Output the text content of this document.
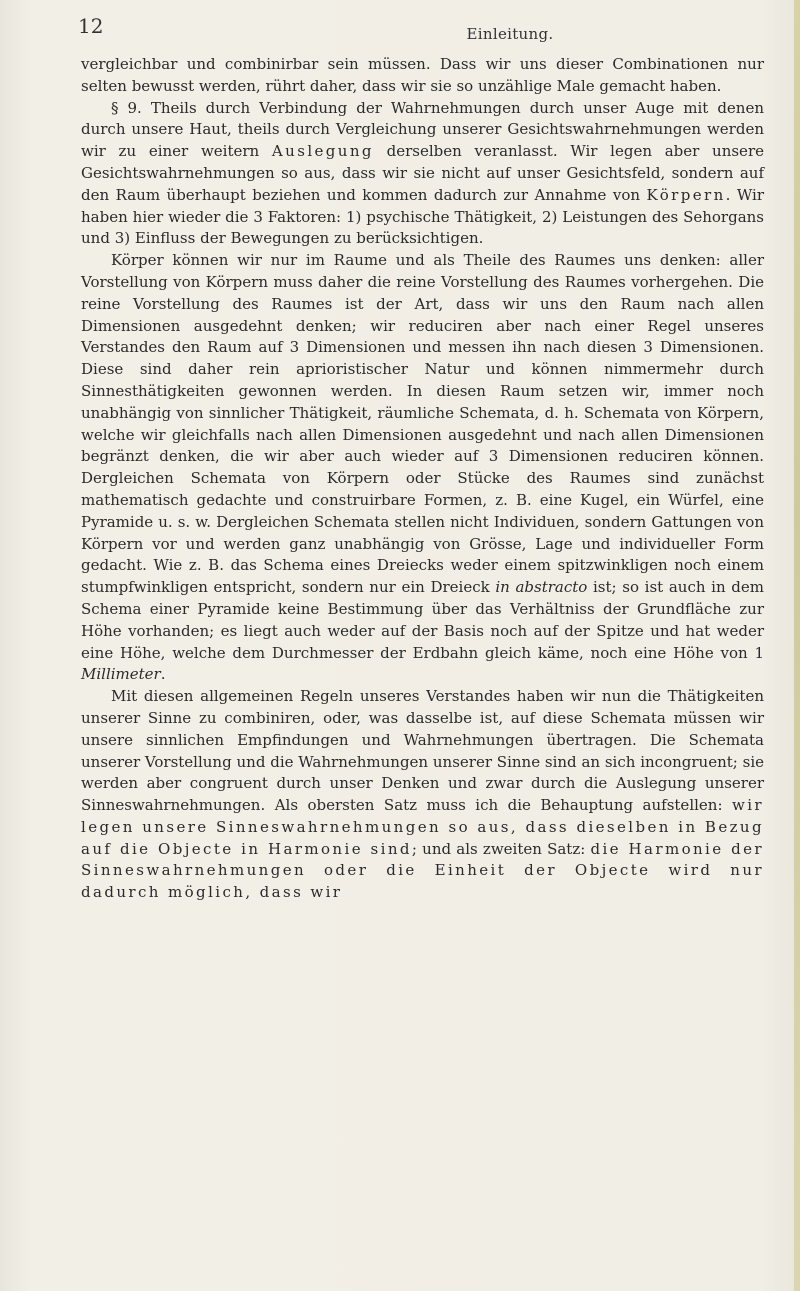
12	Einleitung.

vergleichbar und combinirbar sein müssen. Dass wir uns dieser Combinationen nur selten bewusst werden, rührt daher, dass wir sie so unzählige Male gemacht haben.

§ 9. Theils durch Verbindung der Wahrnehmungen durch unser Auge mit denen durch unsere Haut, theils durch Vergleichung unserer Gesichtswahrnehmungen werden wir zu einer weitern Auslegung derselben veranlasst. Wir legen aber unsere Gesichtswahrnehmungen so aus, dass wir sie nicht auf unser Gesichtsfeld, sondern auf den Raum überhaupt beziehen und kommen dadurch zur Annahme von Körpern. Wir haben hier wieder die 3 Faktoren: 1) psychische Thätigkeit, 2) Leistungen des Sehorgans und 3) Einfluss der Bewegungen zu berücksichtigen.

Körper können wir nur im Raume und als Theile des Raumes uns denken: aller Vorstellung von Körpern muss daher die reine Vorstellung des Raumes vorhergehen. Die reine Vorstellung des Raumes ist der Art, dass wir uns den Raum nach allen Dimensionen ausgedehnt denken; wir reduciren aber nach einer Regel unseres Verstandes den Raum auf 3 Dimensionen und messen ihn nach diesen 3 Dimensionen. Diese sind daher rein aprioristischer Natur und können nimmermehr durch Sinnesthätigkeiten gewonnen werden. In diesen Raum setzen wir, immer noch unabhängig von sinnlicher Thätigkeit, räumliche Schemata, d. h. Schemata von Körpern, welche wir gleichfalls nach allen Dimensionen ausgedehnt und nach allen Dimensionen begränzt denken, die wir aber auch wieder auf 3 Dimensionen reduciren können. Dergleichen Schemata von Körpern oder Stücke des Raumes sind zunächst mathematisch gedachte und construirbare Formen, z. B. eine Kugel, ein Würfel, eine Pyramide u. s. w. Dergleichen Schemata stellen nicht Individuen, sondern Gattungen von Körpern vor und werden ganz unabhängig von Grösse, Lage und individueller Form gedacht. Wie z. B. das Schema eines Dreiecks weder einem spitzwinkligen noch einem stumpfwinkligen entspricht, sondern nur ein Dreieck in abstracto ist; so ist auch in dem Schema einer Pyramide keine Bestimmung über das Verhältniss der Grundfläche zur Höhe vorhanden; es liegt auch weder auf der Basis noch auf der Spitze und hat weder eine Höhe, welche dem Durchmesser der Erdbahn gleich käme, noch eine Höhe von 1 Millimeter.

Mit diesen allgemeinen Regeln unseres Verstandes haben wir nun die Thätigkeiten unserer Sinne zu combiniren, oder, was dasselbe ist, auf diese Schemata müssen wir unsere sinnlichen Empfindungen und Wahrnehmungen übertragen. Die Schemata unserer Vorstellung und die Wahrnehmungen unserer Sinne sind an sich incongruent; sie werden aber congruent durch unser Denken und zwar durch die Auslegung unserer Sinneswahrnehmungen. Als obersten Satz muss ich die Behauptung aufstellen: wir legen unsere Sinneswahrnehmungen so aus, dass dieselben in Bezug auf die Objecte in Harmonie sind; und als zweiten Satz: die Harmonie der Sinneswahrnehmungen oder die Einheit der Objecte wird nur dadurch möglich, dass wir
